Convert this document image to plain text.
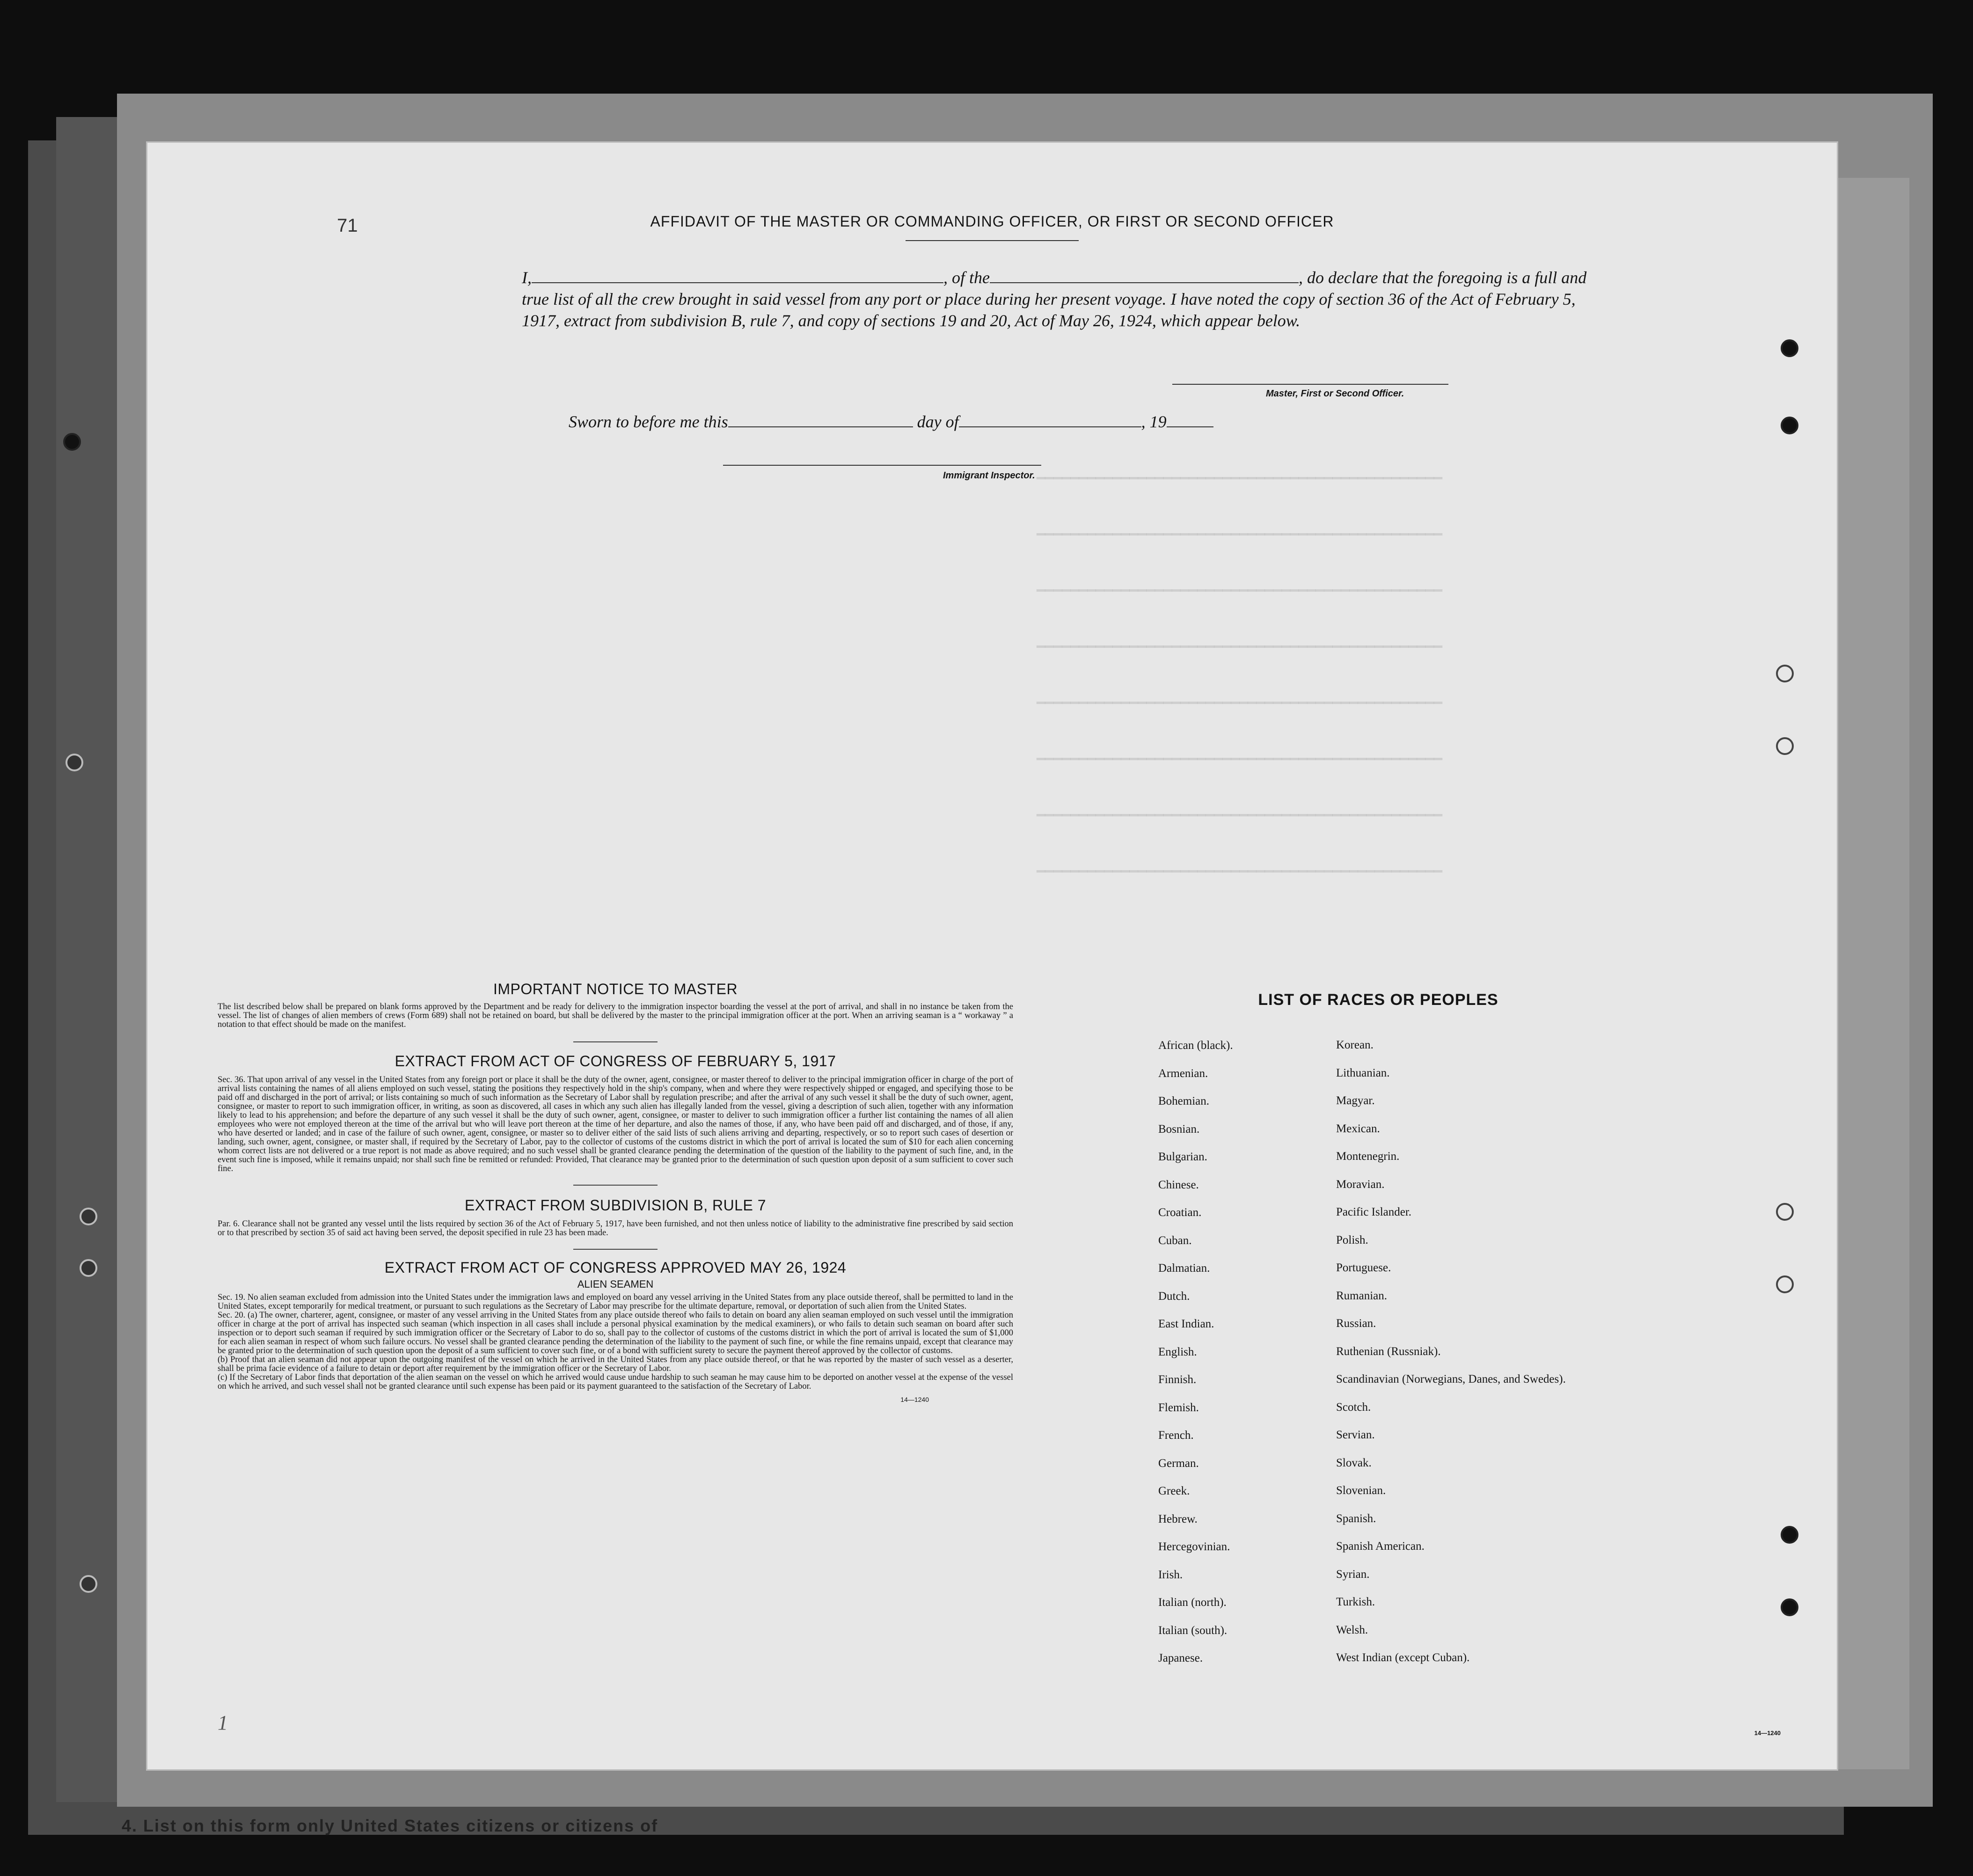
4. List on this form only United States citizens or citizens of
━━━━━━━━━━━━━━━━━━━━━━━━━━━━━━━━━━━━━━━━━━━━━━━━
━━━━━━━━━━━━━━━━━━━━━━━━━━━━━━━━━━━━━━━━━━━━━━━━
━━━━━━━━━━━━━━━━━━━━━━━━━━━━━━━━━━━━━━━━━━━━━━━━
━━━━━━━━━━━━━━━━━━━━━━━━━━━━━━━━━━━━━━━━━━━━━━━━
━━━━━━━━━━━━━━━━━━━━━━━━━━━━━━━━━━━━━━━━━━━━━━━━
━━━━━━━━━━━━━━━━━━━━━━━━━━━━━━━━━━━━━━━━━━━━━━━━
━━━━━━━━━━━━━━━━━━━━━━━━━━━━━━━━━━━━━━━━━━━━━━━━
━━━━━━━━━━━━━━━━━━━━━━━━━━━━━━━━━━━━━━━━━━━━━━━━
AFFIDAVIT OF THE MASTER OR COMMANDING OFFICER, OR FIRST OR SECOND OFFICER
I,	, of the	, do declare that the foregoing is a full and true list of all the crew brought in said vessel from any port or place during her present voyage. I have noted the copy of section 36 of the Act of February 5, 1917, extract from subdivision B, rule 7, and copy of sections 19 and 20, Act of May 26, 1924, which appear below.
Master, First or Second Officer.
Sworn to before me this	day of	, 19
Immigrant Inspector.

IMPORTANT NOTICE TO MASTER

The list described below shall be prepared on blank forms approved by the Department and be ready for delivery to the immigration inspector boarding the vessel at the port of arrival, and shall in no instance be taken from the vessel. The list of changes of alien members of crews (Form 689) shall not be retained on board, but shall be delivered by the master to the principal immigration officer at the port. When an arriving seaman is a “ workaway ” a notation to that effect should be made on the manifest.

EXTRACT FROM ACT OF CONGRESS OF FEBRUARY 5, 1917

Sec. 36. That upon arrival of any vessel in the United States from any foreign port or place it shall be the duty of the owner, agent, consignee, or master thereof to deliver to the principal immigration officer in charge of the port of arrival lists containing the names of all aliens employed on such vessel, stating the positions they respectively hold in the ship's company, when and where they were respectively shipped or engaged, and specifying those to be paid off and discharged in the port of arrival; or lists containing so much of such information as the Secretary of Labor shall by regulation prescribe; and after the arrival of any such vessel it shall be the duty of such owner, agent, consignee, or master to report to such immigration officer, in writing, as soon as discovered, all cases in which any such alien has illegally landed from the vessel, giving a description of such alien, together with any information likely to lead to his apprehension; and before the departure of any such vessel it shall be the duty of such owner, agent, consignee, or master to deliver to such immigration officer a further list containing the names of all alien employees who were not employed thereon at the time of the arrival but who will leave port thereon at the time of her departure, and also the names of those, if any, who have been paid off and discharged, and of those, if any, who have deserted or landed; and in case of the failure of such owner, agent, consignee, or master so to deliver either of the said lists of such aliens arriving and departing, respectively, or so to report such cases of desertion or landing, such owner, agent, consignee, or master shall, if required by the Secretary of Labor, pay to the collector of customs of the customs district in which the port of arrival is located the sum of $10 for each alien concerning whom correct lists are not delivered or a true report is not made as above required; and no such vessel shall be granted clearance pending the determination of the question of the liability to the payment of such fine, and, in the event such fine is imposed, while it remains unpaid; nor shall such fine be remitted or refunded: Provided, That clearance may be granted prior to the determination of such question upon deposit of a sum sufficient to cover such fine.

EXTRACT FROM SUBDIVISION B, RULE 7

Par. 6. Clearance shall not be granted any vessel until the lists required by section 36 of the Act of February 5, 1917, have been furnished, and not then unless notice of liability to the administrative fine prescribed by said section or to that prescribed by section 35 of said act having been served, the deposit specified in rule 23 has been made.

EXTRACT FROM ACT OF CONGRESS APPROVED MAY 26, 1924

ALIEN SEAMEN

Sec. 19. No alien seaman excluded from admission into the United States under the immigration laws and employed on board any vessel arriving in the United States from any place outside thereof, shall be permitted to land in the United States, except temporarily for medical treatment, or pursuant to such regulations as the Secretary of Labor may prescribe for the ultimate departure, removal, or deportation of such alien from the United States.

Sec. 20. (a) The owner, charterer, agent, consignee, or master of any vessel arriving in the United States from any place outside thereof who fails to detain on board any alien seaman employed on such vessel until the immigration officer in charge at the port of arrival has inspected such seaman (which inspection in all cases shall include a personal physical examination by the medical examiners), or who fails to detain such seaman on board after such inspection or to deport such seaman if required by such immigration officer or the Secretary of Labor to do so, shall pay to the collector of customs of the customs district in which the port of arrival is located the sum of $1,000 for each alien seaman in respect of whom such failure occurs. No vessel shall be granted clearance pending the determination of the liability to the payment of such fine, or while the fine remains unpaid, except that clearance may be granted prior to the determination of such question upon the deposit of a sum sufficient to cover such fine, or of a bond with sufficient surety to secure the payment thereof approved by the collector of customs.

(b) Proof that an alien seaman did not appear upon the outgoing manifest of the vessel on which he arrived in the United States from any place outside thereof, or that he was reported by the master of such vessel as a deserter, shall be prima facie evidence of a failure to detain or deport after requirement by the immigration officer or the Secretary of Labor.

(c) If the Secretary of Labor finds that deportation of the alien seaman on the vessel on which he arrived would cause undue hardship to such seaman he may cause him to be deported on another vessel at the expense of the vessel on which he arrived, and such vessel shall not be granted clearance until such expense has been paid or its payment guaranteed to the satisfaction of the Secretary of Labor.

14—1240
LIST OF RACES OR PEOPLES
African (black).	Korean.
Armenian.	Lithuanian.
Bohemian.	Magyar.
Bosnian.	Mexican.
Bulgarian.	Montenegrin.
Chinese.	Moravian.
Croatian.	Pacific Islander.
Cuban.	Polish.
Dalmatian.	Portuguese.
Dutch.	Rumanian.
East Indian.	Russian.
English.	Ruthenian (Russniak).
Finnish.	Scandinavian (Norwegians, Danes, and Swedes).
Flemish.	Scotch.
French.	Servian.
German.	Slovak.
Greek.	Slovenian.
Hebrew.	Spanish.
Hercegovinian.	Spanish American.
Irish.	Syrian.
Italian (north).	Turkish.
Italian (south).	Welsh.
Japanese.	West Indian (except Cuban).
14—1240
1
71
